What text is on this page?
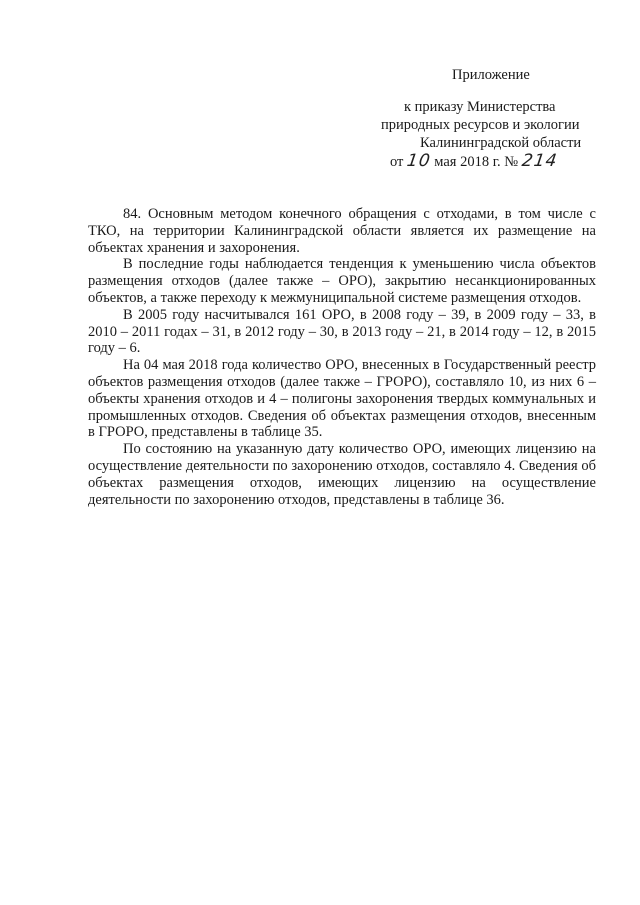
Приложение
к приказу Министерства
природных ресурсов и экологии
Калининградской области
от 10 мая 2018 г. № 214

84. Основным методом конечного обращения с отходами, в том числе с ТКО, на территории Калининградской области является их размещение на объектах хранения и захоронения.

В последние годы наблюдается тенденция к уменьшению числа объектов размещения отходов (далее также – ОРО), закрытию несанкционированных объектов, а также переходу к межмуниципальной системе размещения отходов.

В 2005 году насчитывался 161 ОРО, в 2008 году – 39, в 2009 году – 33, в 2010 – 2011 годах – 31, в 2012 году – 30, в 2013 году – 21, в 2014 году – 12, в 2015 году – 6.

На 04 мая 2018 года количество ОРО, внесенных в Государственный реестр объектов размещения отходов (далее также – ГРОРО), составляло 10, из них 6 – объекты хранения отходов и 4 – полигоны захоронения твердых коммунальных и промышленных отходов. Сведения об объектах размещения отходов, внесенным в ГРОРО, представлены в таблице 35.

По состоянию на указанную дату количество ОРО, имеющих лицензию на осуществление деятельности по захоронению отходов, составляло 4. Сведения об объектах размещения отходов, имеющих лицензию на осуществление деятельности по захоронению отходов, представлены в таблице 36.
